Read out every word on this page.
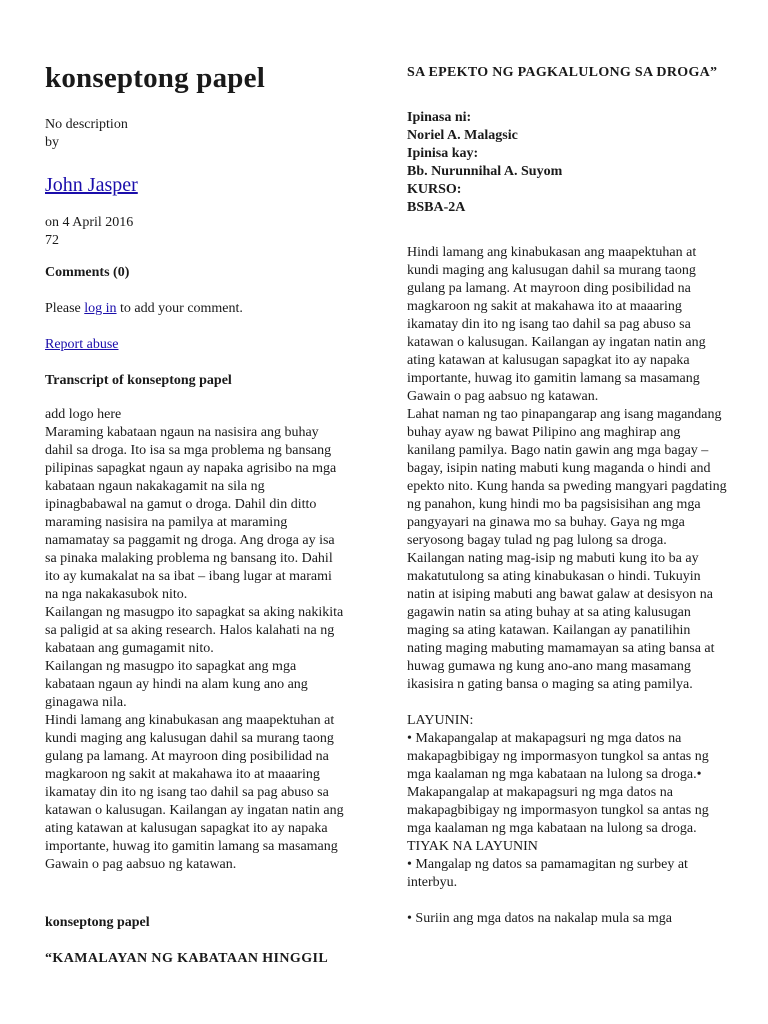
konseptong papel

No description

by

John Jasper

on 4 April 2016

72

Comments (0)

Please log in to add your comment.

Report abuse

Transcript of konseptong papel

add logo here

Maraming kabataan ngaun na nasisira ang buhay dahil sa droga. Ito isa sa mga problema ng bansang pilipinas sapagkat ngaun ay napaka agrisibo na mga kabataan ngaun nakakagamit na sila ng ipinagbabawal na gamut o droga. Dahil din ditto maraming nasisira na pamilya at maraming namamatay sa paggamit ng droga. Ang droga ay isa sa pinaka malaking problema ng bansang ito. Dahil ito ay kumakalat na sa ibat – ibang lugar at marami na nga nakakasubok nito.

Kailangan ng masugpo ito sapagkat sa aking nakikita sa paligid at sa aking research. Halos kalahati na ng kabataan ang gumagamit nito.

Kailangan ng masugpo ito sapagkat ang mga kabataan ngaun ay hindi na alam kung ano ang ginagawa nila.

Hindi lamang ang kinabukasan ang maapektuhan at kundi maging ang kalusugan dahil sa murang taong gulang pa lamang. At mayroon ding posibilidad na magkaroon ng sakit at makahawa ito at maaaring ikamatay din ito ng isang tao dahil sa pag abuso sa katawan o kalusugan. Kailangan ay ingatan natin ang ating katawan at kalusugan sapagkat ito ay napaka importante, huwag ito gamitin lamang sa masamang Gawain o pag aabsuo ng katawan.

konseptong papel

“KAMALAYAN NG KABATAAN HINGGIL

SA EPEKTO NG PAGKALULONG SA DROGA”

Ipinasa ni:

Noriel A. Malagsic

Ipinisa kay:

Bb. Nurunnihal A. Suyom

KURSO:

BSBA-2A

Hindi lamang ang kinabukasan ang maapektuhan at kundi maging ang kalusugan dahil sa murang taong gulang pa lamang. At mayroon ding posibilidad na magkaroon ng sakit at makahawa ito at maaaring ikamatay din ito ng isang tao dahil sa pag abuso sa katawan o kalusugan. Kailangan ay ingatan natin ang ating katawan at kalusugan sapagkat ito ay napaka importante, huwag ito gamitin lamang sa masamang Gawain o pag aabsuo ng katawan.

Lahat naman ng tao pinapangarap ang isang magandang buhay ayaw ng bawat Pilipino ang maghirap ang kanilang pamilya. Bago natin gawin ang mga bagay – bagay, isipin nating mabuti kung maganda o hindi and epekto nito. Kung handa sa pweding mangyari pagdating ng panahon, kung hindi mo ba pagsisisihan ang mga pangyayari na ginawa mo sa buhay. Gaya ng mga seryosong bagay tulad ng pag lulong sa droga.

Kailangan nating mag-isip ng mabuti kung ito ba ay makatutulong sa ating kinabukasan o hindi. Tukuyin natin at isiping mabuti ang bawat galaw at desisyon na gagawin natin sa ating buhay at sa ating kalusugan maging sa ating katawan. Kailangan ay panatilihin nating maging mabuting mamamayan sa ating bansa at huwag gumawa ng kung ano-ano mang masamang ikasisira n gating bansa o maging sa ating pamilya.

LAYUNIN:

• Makapangalap at makapagsuri ng mga datos na makapagbibigay ng impormasyon tungkol sa antas ng mga kaalaman ng mga kabataan na lulong sa droga.• Makapangalap at makapagsuri ng mga datos na makapagbibigay ng impormasyon tungkol sa antas ng mga kaalaman ng mga kabataan na lulong sa droga.

TIYAK NA LAYUNIN

• Mangalap ng datos sa pamamagitan ng surbey at interbyu.

• Suriin ang mga datos na nakalap mula sa mga
